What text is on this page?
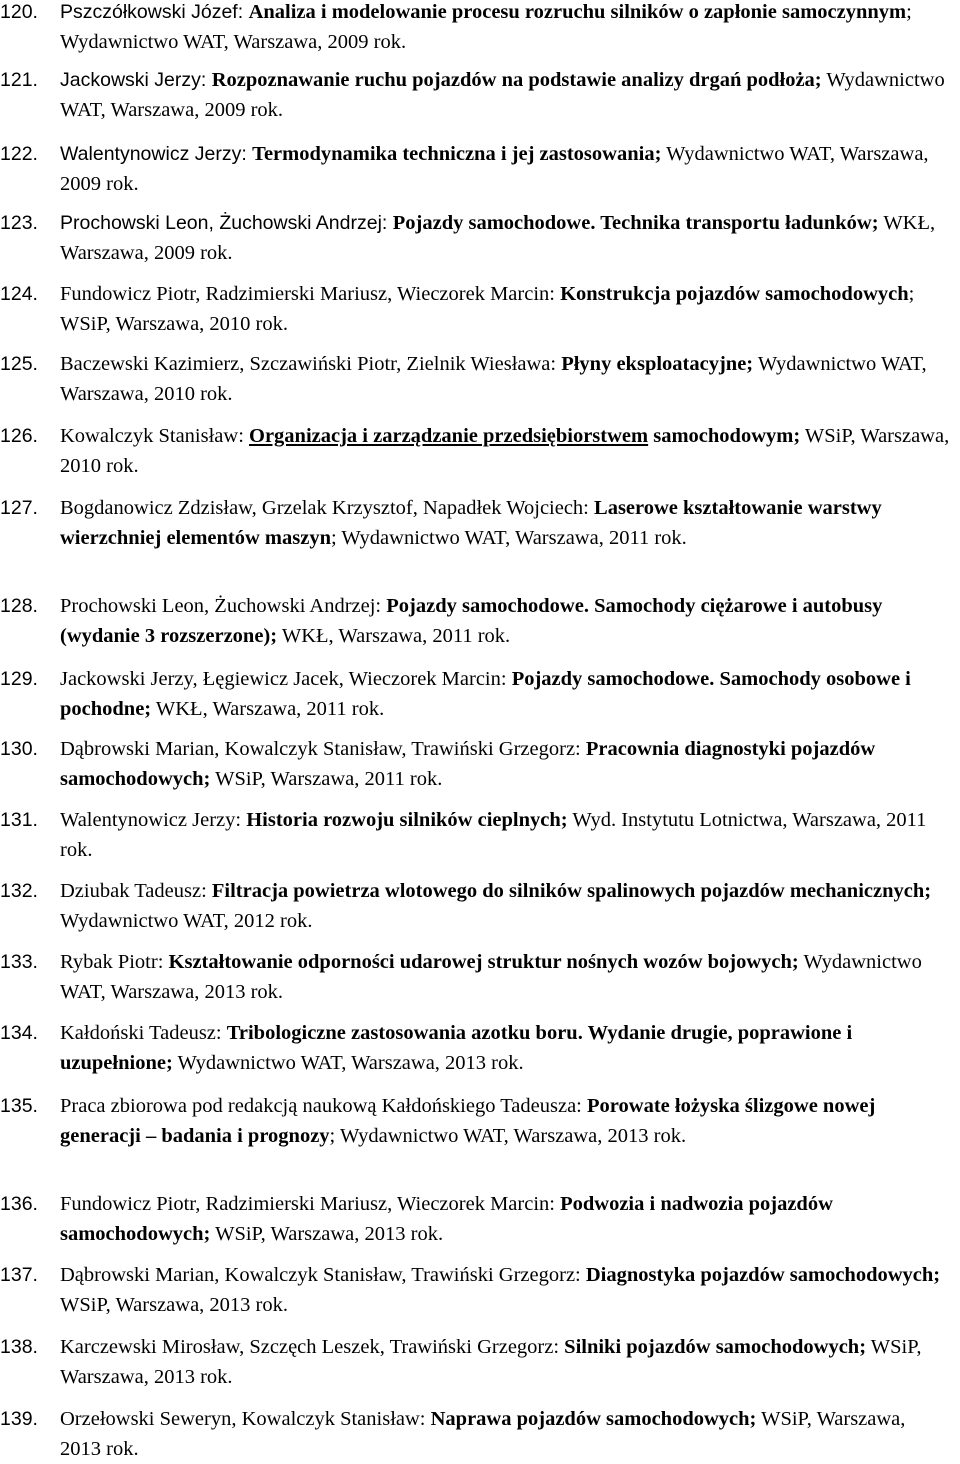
120. Pszczółkowski Józef: Analiza i modelowanie procesu rozruchu silników o zapłonie samoczynnym; Wydawnictwo WAT, Warszawa, 2009 rok.
121. Jackowski Jerzy: Rozpoznawanie ruchu pojazdów na podstawie analizy drgań podłoża; Wydawnictwo WAT, Warszawa, 2009 rok.
122. Walentynowicz Jerzy: Termodynamika techniczna i jej zastosowania; Wydawnictwo WAT, Warszawa, 2009 rok.
123. Prochowski Leon, Żuchowski Andrzej: Pojazdy samochodowe. Technika transportu ładunków; WKŁ, Warszawa, 2009 rok.
124. Fundowicz Piotr, Radzimierski Mariusz, Wieczorek Marcin: Konstrukcja pojazdów samochodowych; WSiP, Warszawa, 2010 rok.
125. Baczewski Kazimierz, Szczawiński Piotr, Zielnik Wiesława: Płyny eksploatacyjne; Wydawnictwo WAT, Warszawa, 2010 rok.
126. Kowalczyk Stanisław: Organizacja i zarządzanie przedsiębiorstwem samochodowym; WSiP, Warszawa, 2010 rok.
127. Bogdanowicz Zdzisław, Grzelak Krzysztof, Napadłek Wojciech: Laserowe kształtowanie warstwy wierzchniej elementów maszyn; Wydawnictwo WAT, Warszawa, 2011 rok.
128. Prochowski Leon, Żuchowski Andrzej: Pojazdy samochodowe. Samochody ciężarowe i autobusy (wydanie 3 rozszerzone); WKŁ, Warszawa, 2011 rok.
129. Jackowski Jerzy, Łęgiewicz Jacek, Wieczorek Marcin: Pojazdy samochodowe. Samochody osobowe i pochodne; WKŁ, Warszawa, 2011 rok.
130. Dąbrowski Marian, Kowalczyk Stanisław, Trawiński Grzegorz: Pracownia diagnostyki pojazdów samochodowych; WSiP, Warszawa, 2011 rok.
131. Walentynowicz Jerzy: Historia rozwoju silników cieplnych; Wyd. Instytutu Lotnictwa, Warszawa, 2011 rok.
132. Dziubak Tadeusz: Filtracja powietrza wlotowego do silników spalinowych pojazdów mechanicznych; Wydawnictwo WAT, 2012 rok.
133. Rybak Piotr: Kształtowanie odporności udarowej struktur nośnych wozów bojowych; Wydawnictwo WAT, Warszawa, 2013 rok.
134. Kałdoński Tadeusz: Tribologiczne zastosowania azotku boru. Wydanie drugie, poprawione i uzupełnione; Wydawnictwo WAT, Warszawa, 2013 rok.
135. Praca zbiorowa pod redakcją naukową Kałdońskiego Tadeusza: Porowate łożyska ślizgowe nowej generacji – badania i prognozy; Wydawnictwo WAT, Warszawa, 2013 rok.
136. Fundowicz Piotr, Radzimierski Mariusz, Wieczorek Marcin: Podwozia i nadwozia pojazdów samochodowych; WSiP, Warszawa, 2013 rok.
137. Dąbrowski Marian, Kowalczyk Stanisław, Trawiński Grzegorz: Diagnostyka pojazdów samochodowych; WSiP, Warszawa, 2013 rok.
138. Karczewski Mirosław, Szczęch Leszek, Trawiński Grzegorz: Silniki pojazdów samochodowych; WSiP, Warszawa, 2013 rok.
139. Orzełowski Seweryn, Kowalczyk Stanisław: Naprawa pojazdów samochodowych; WSiP, Warszawa, 2013 rok.
